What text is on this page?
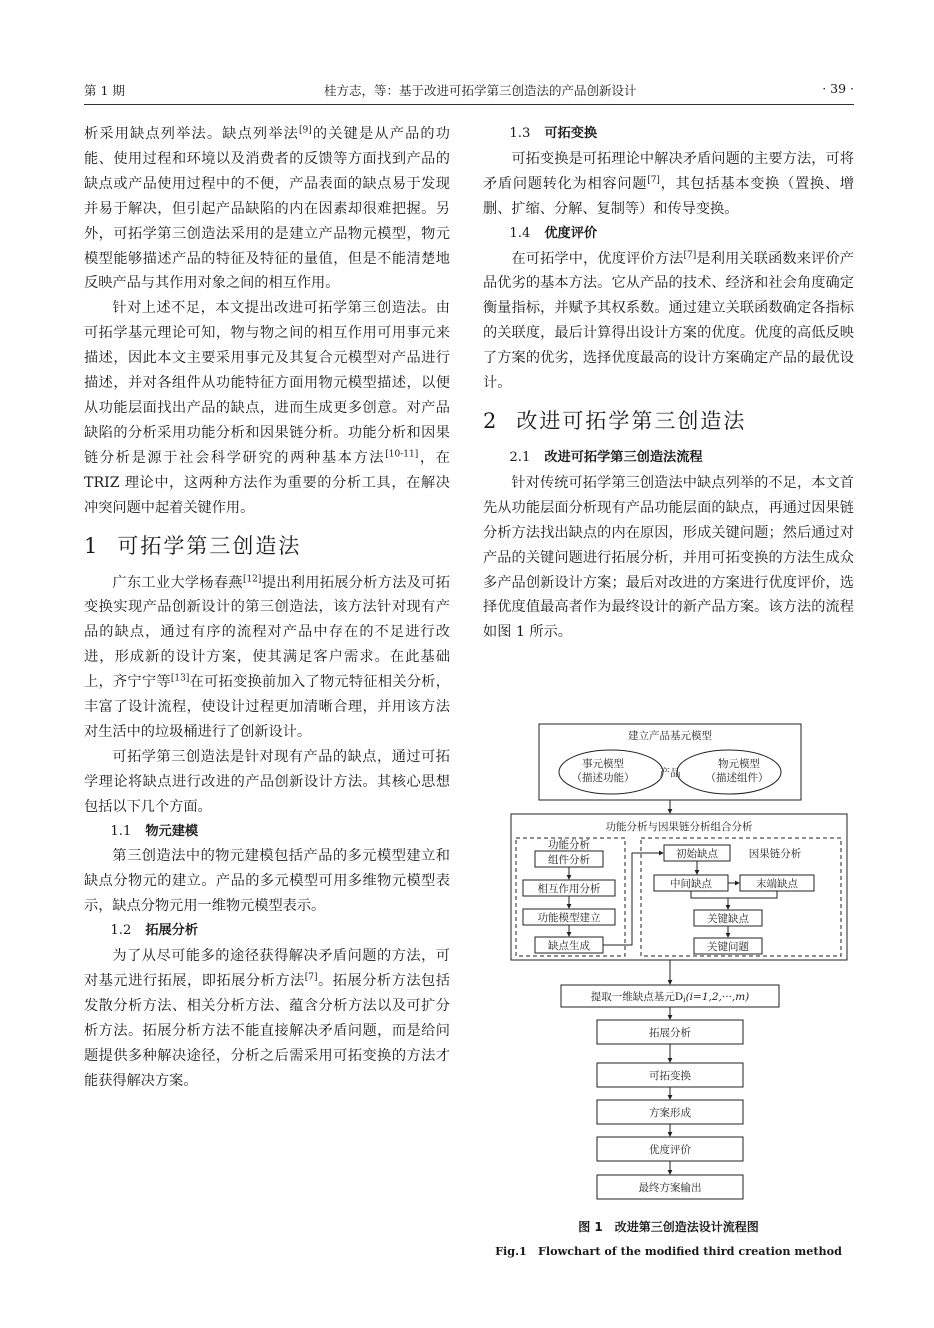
第 1 期	桂方志，等：基于改进可拓学第三创造法的产品创新设计	· 39 ·

析采用缺点列举法。缺点列举法[9]的关键是从产品的功能、使用过程和环境以及消费者的反馈等方面找到产品的缺点或产品使用过程中的不便，产品表面的缺点易于发现并易于解决，但引起产品缺陷的内在因素却很难把握。另外，可拓学第三创造法采用的是建立产品物元模型，物元模型能够描述产品的特征及特征的量值，但是不能清楚地反映产品与其作用对象之间的相互作用。

针对上述不足，本文提出改进可拓学第三创造法。由可拓学基元理论可知，物与物之间的相互作用可用事元来描述，因此本文主要采用事元及其复合元模型对产品进行描述，并对各组件从功能特征方面用物元模型描述，以便从功能层面找出产品的缺点，进而生成更多创意。对产品缺陷的分析采用功能分析和因果链分析。功能分析和因果链分析是源于社会科学研究的两种基本方法[10-11]，在 TRIZ 理论中，这两种方法作为重要的分析工具，在解决冲突问题中起着关键作用。

1 可拓学第三创造法

广东工业大学杨春燕[12]提出利用拓展分析方法及可拓变换实现产品创新设计的第三创造法，该方法针对现有产品的缺点，通过有序的流程对产品中存在的不足进行改进，形成新的设计方案，使其满足客户需求。在此基础上，齐宁宁等[13]在可拓变换前加入了物元特征相关分析，丰富了设计流程，使设计过程更加清晰合理，并用该方法对生活中的垃圾桶进行了创新设计。

可拓学第三创造法是针对现有产品的缺点，通过可拓学理论将缺点进行改进的产品创新设计方法。其核心思想包括以下几个方面。

1.1 物元建模

第三创造法中的物元建模包括产品的多元模型建立和缺点分物元的建立。产品的多元模型可用多维物元模型表示，缺点分物元用一维物元模型表示。

1.2 拓展分析

为了从尽可能多的途径获得解决矛盾问题的方法，可对基元进行拓展，即拓展分析方法[7]。拓展分析方法包括发散分析方法、相关分析方法、蕴含分析方法以及可扩分析方法。拓展分析方法不能直接解决矛盾问题，而是给问题提供多种解决途径，分析之后需采用可拓变换的方法才能获得解决方案。

1.3 可拓变换

可拓变换是可拓理论中解决矛盾问题的主要方法，可将矛盾问题转化为相容问题[7]，其包括基本变换（置换、增删、扩缩、分解、复制等）和传导变换。

1.4 优度评价

在可拓学中，优度评价方法[7]是利用关联函数来评价产品优劣的基本方法。它从产品的技术、经济和社会角度确定衡量指标，并赋予其权系数。通过建立关联函数确定各指标的关联度，最后计算得出设计方案的优度。优度的高低反映了方案的优劣，选择优度最高的设计方案确定产品的最优设计。

2 改进可拓学第三创造法

2.1 改进可拓学第三创造法流程

针对传统可拓学第三创造法中缺点列举的不足，本文首先从功能层面分析现有产品功能层面的缺点，再通过因果链分析方法找出缺点的内在原因，形成关键问题；然后通过对产品的关键问题进行拓展分析，并用可拓变换的方法生成众多产品创新设计方案；最后对改进的方案进行优度评价，选择优度值最高者作为最终设计的新产品方案。该方法的流程如图 1 所示。

建立产品基元模型
事元模型
（描述功能）
物元模型
（描述组件）
产品
功能分析与因果链分析组合分析
功能分析
组件分析
相互作用分析
功能模型建立
缺点生成
初始缺点	因果链分析
中间缺点	末端缺点
关键缺点
关键问题
提取一维缺点基元Di(i=1,2,···,m)
拓展分析
可拓变换
方案形成
优度评价
最终方案输出
图 1　改进第三创造法设计流程图
Fig.1　Flowchart of the modified third creation method
